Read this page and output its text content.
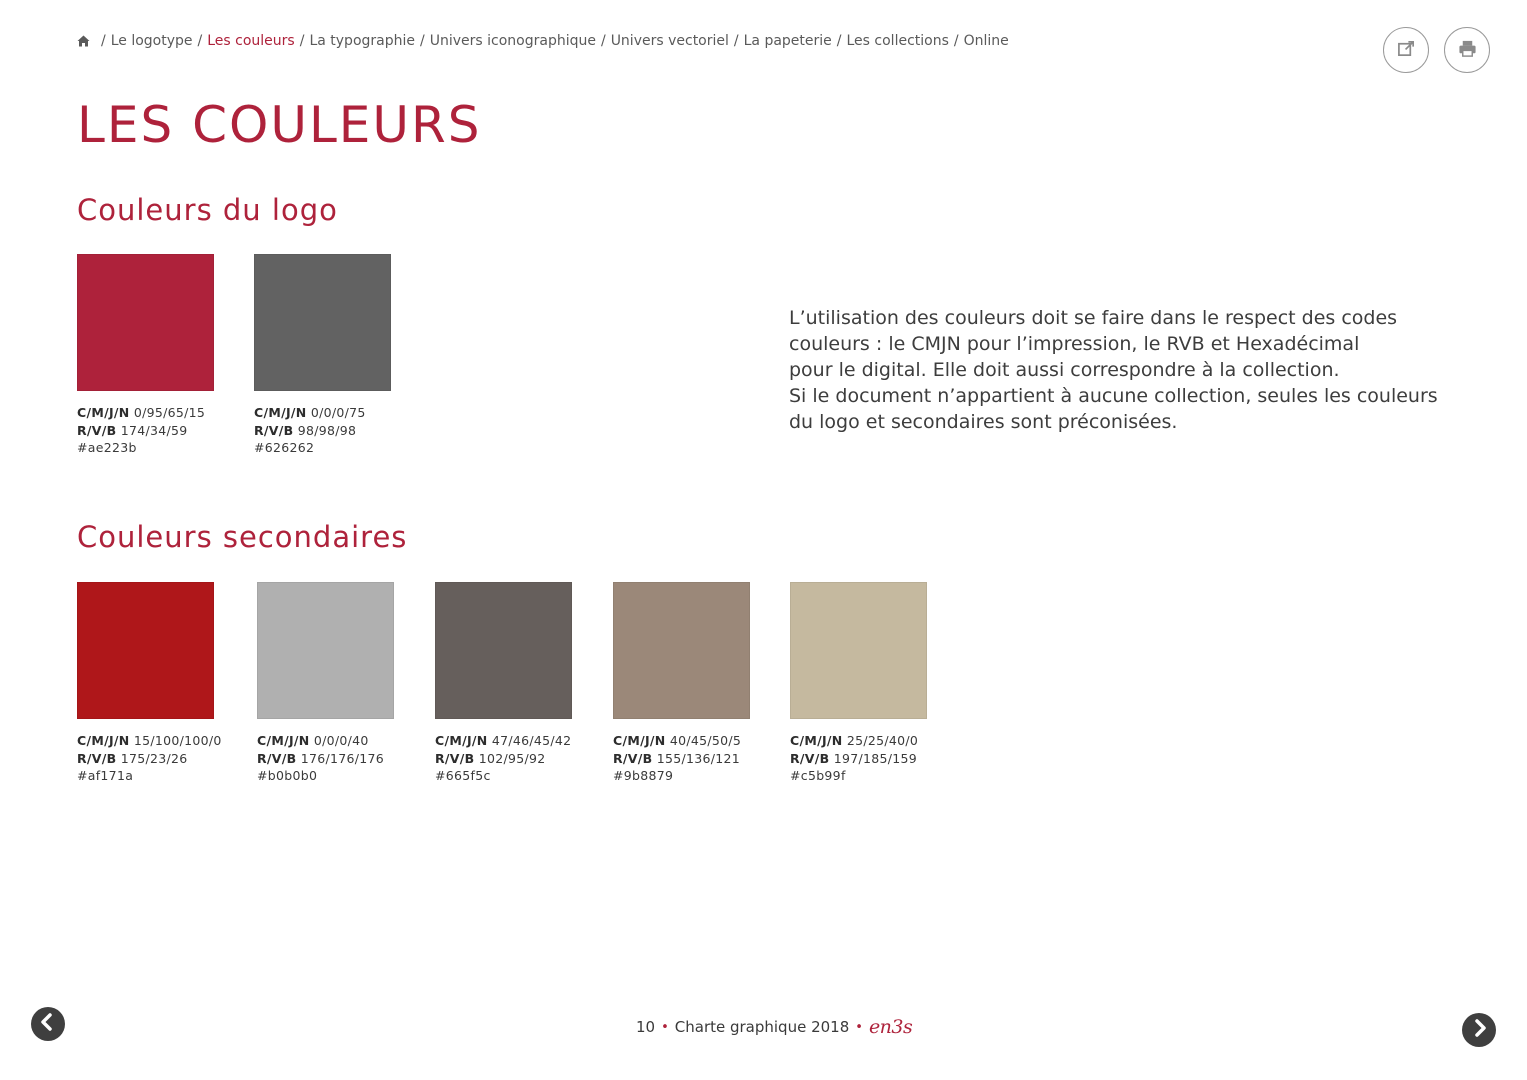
/ Le logotype / Les couleurs / La typographie / Univers iconographique / Univers vectoriel / La papeterie / Les collections / Online
LES COULEURS
Couleurs du logo
C/M/J/N 0/95/65/15
R/V/B 174/34/59
#ae223b
C/M/J/N 0/0/0/75
R/V/B 98/98/98
#626262

L’utilisation des couleurs doit se faire dans le respect des codes

couleurs : le CMJN pour l’impression, le RVB et Hexadécimal

pour le digital. Elle doit aussi correspondre à la collection.

Si le document n’appartient à aucune collection, seules les couleurs

du logo et secondaires sont préconisées.

Couleurs secondaires
C/M/J/N 15/100/100/0
R/V/B 175/23/26
#af171a
C/M/J/N 0/0/0/40
R/V/B 176/176/176
#b0b0b0
C/M/J/N 47/46/45/42
R/V/B 102/95/92
#665f5c
C/M/J/N 40/45/50/5
R/V/B 155/136/121
#9b8879
C/M/J/N 25/25/40/0
R/V/B 197/185/159
#c5b99f
10 • Charte graphique 2018 • en3s
